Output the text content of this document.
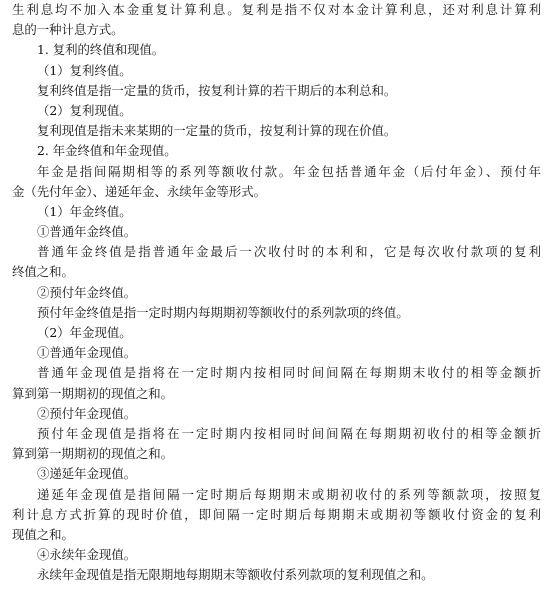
生利息均不加入本金重复计算利息。复利是指不仅对本金计算利息，还对利息计算利
息的一种计息方式。
1. 复利的终值和现值。
（1）复利终值。
复利终值是指一定量的货币，按复利计算的若干期后的本利总和。
（2）复利现值。
复利现值是指未来某期的一定量的货币，按复利计算的现在价值。
2. 年金终值和年金现值。
年金是指间隔期相等的系列等额收付款。年金包括普通年金（后付年金）、预付年
金（先付年金）、递延年金、永续年金等形式。
（1）年金终值。
①普通年金终值。
普通年金终值是指普通年金最后一次收付时的本利和，它是每次收付款项的复利
终值之和。
②预付年金终值。
预付年金终值是指一定时期内每期期初等额收付的系列款项的终值。
（2）年金现值。
①普通年金现值。
普通年金现值是指将在一定时期内按相同时间间隔在每期期末收付的相等金额折
算到第一期期初的现值之和。
②预付年金现值。
预付年金现值是指将在一定时期内按相同时间间隔在每期期初收付的相等金额折
算到第一期期初的现值之和。
③递延年金现值。
递延年金现值是指间隔一定时期后每期期末或期初收付的系列等额款项，按照复
利计息方式折算的现时价值，即间隔一定时期后每期期末或期初等额收付资金的复利
现值之和。
④永续年金现值。
永续年金现值是指无限期地每期期末等额收付系列款项的复利现值之和。
